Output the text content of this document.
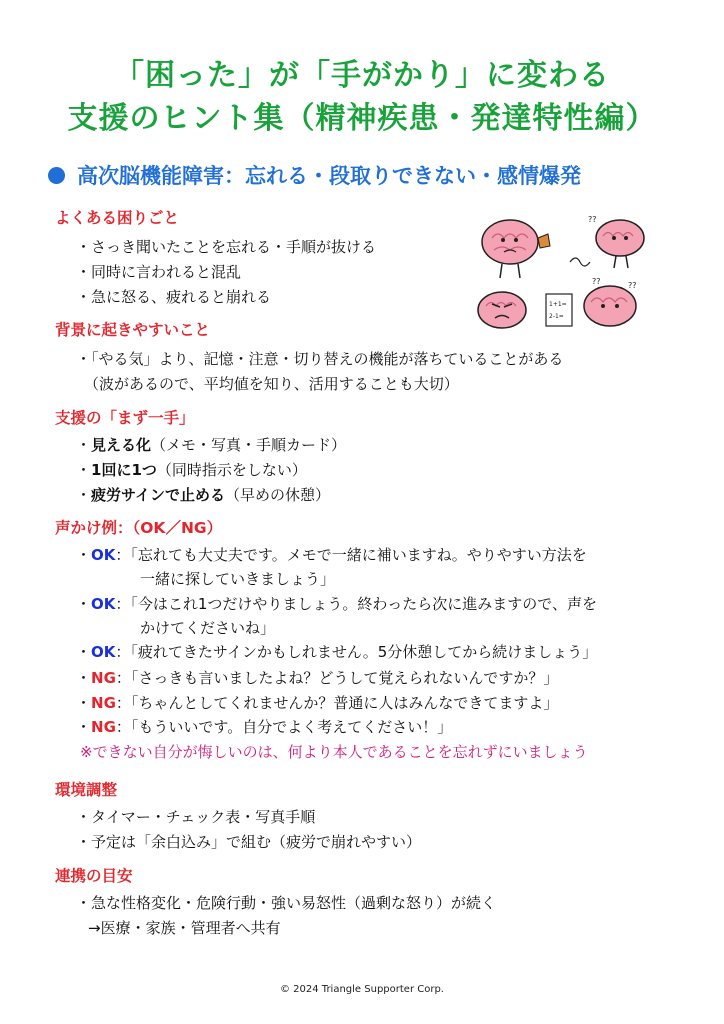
「困った」が「手がかり」に変わる
支援のヒント集（精神疾患・発達特性編）
高次脳機能障害：忘れる・段取りできない・感情爆発
よくある困りごと
・さっき聞いたことを忘れる・手順が抜ける
・同時に言われると混乱
・急に怒る、疲れると崩れる
??
1+1=
2-1=
??	??
背景に起きやすいこと
・「やる気」より、記憶・注意・切り替えの機能が落ちていることがある
（波があるので、平均値を知り、活用することも大切）
支援の「まず一手」
・見える化（メモ・写真・手順カード）
・1回に1つ（同時指示をしない）
・疲労サインで止める（早めの休憩）
声かけ例：（OK／NG）
・OK：「忘れても大丈夫です。メモで一緒に補いますね。やりやすい方法を
一緒に探していきましょう」
・OK：「今はこれ1つだけやりましょう。終わったら次に進みますので、声を
かけてくださいね」
・OK：「疲れてきたサインかもしれません。5分休憩してから続けましょう」
・NG：「さっきも言いましたよね？どうして覚えられないんですか？」
・NG：「ちゃんとしてくれませんか？普通に人はみんなできてますよ」
・NG：「もういいです。自分でよく考えてください！」
※できない自分が悔しいのは、何より本人であることを忘れずにいましょう
環境調整
・タイマー・チェック表・写真手順
・予定は「余白込み」で組む（疲労で崩れやすい）
連携の目安
・急な性格変化・危険行動・強い易怒性（過剰な怒り）が続く
→医療・家族・管理者へ共有
© 2024 Triangle Supporter Corp.
